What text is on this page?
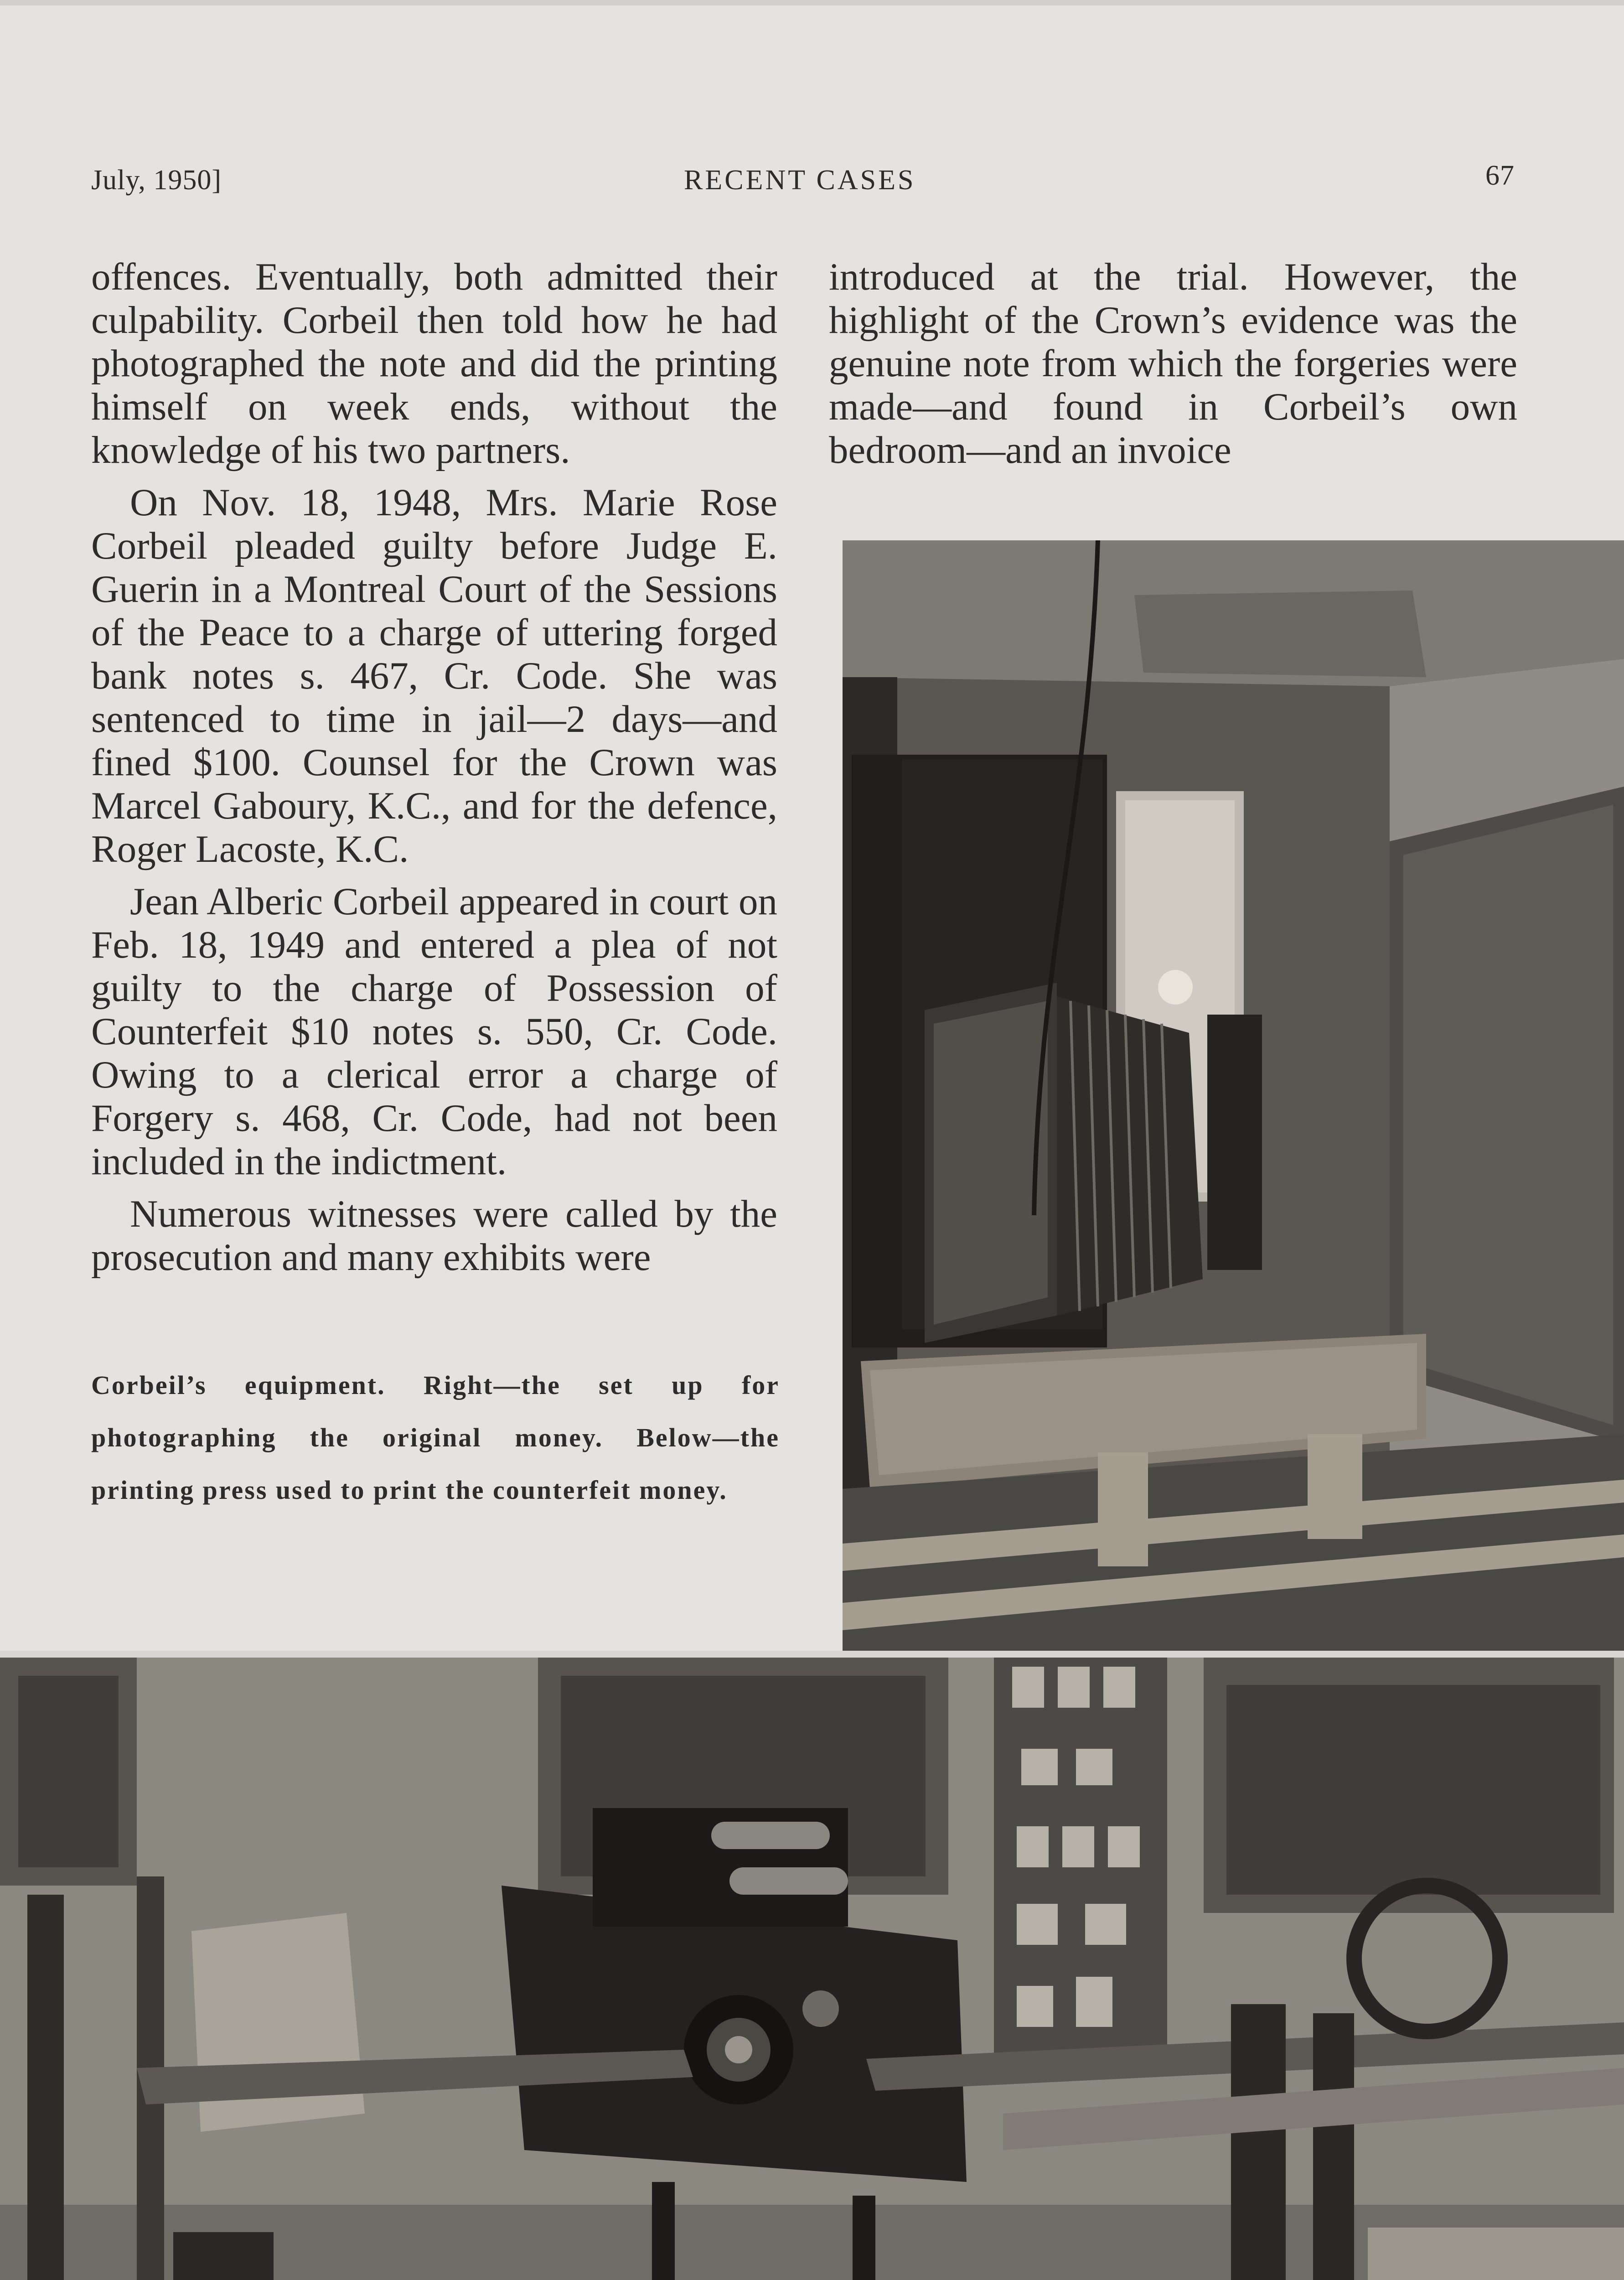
July, 1950]	RECENT CASES	67

offences. Eventually, both admitted their culpability. Corbeil then told how he had photographed the note and did the printing himself on week ends, without the knowledge of his two partners.

On Nov. 18, 1948, Mrs. Marie Rose Corbeil pleaded guilty before Judge E. Guerin in a Montreal Court of the Sessions of the Peace to a charge of uttering forged bank notes s. 467, Cr. Code. She was sentenced to time in jail—2 days—and fined $100. Counsel for the Crown was Marcel Gaboury, K.C., and for the defence, Roger Lacoste, K.C.

Jean Alberic Corbeil appeared in court on Feb. 18, 1949 and entered a plea of not guilty to the charge of Possession of Counterfeit $10 notes s. 550, Cr. Code. Owing to a clerical error a charge of Forgery s. 468, Cr. Code, had not been included in the indictment.

Numerous witnesses were called by the prosecution and many exhibits were

introduced at the trial. However, the highlight of the Crown’s evidence was the genuine note from which the forgeries were made—and found in Corbeil’s own bedroom—and an invoice

Corbeil’s equipment. Right—the set up for photographing the original money. Below—the printing press used to print the counterfeit money.
